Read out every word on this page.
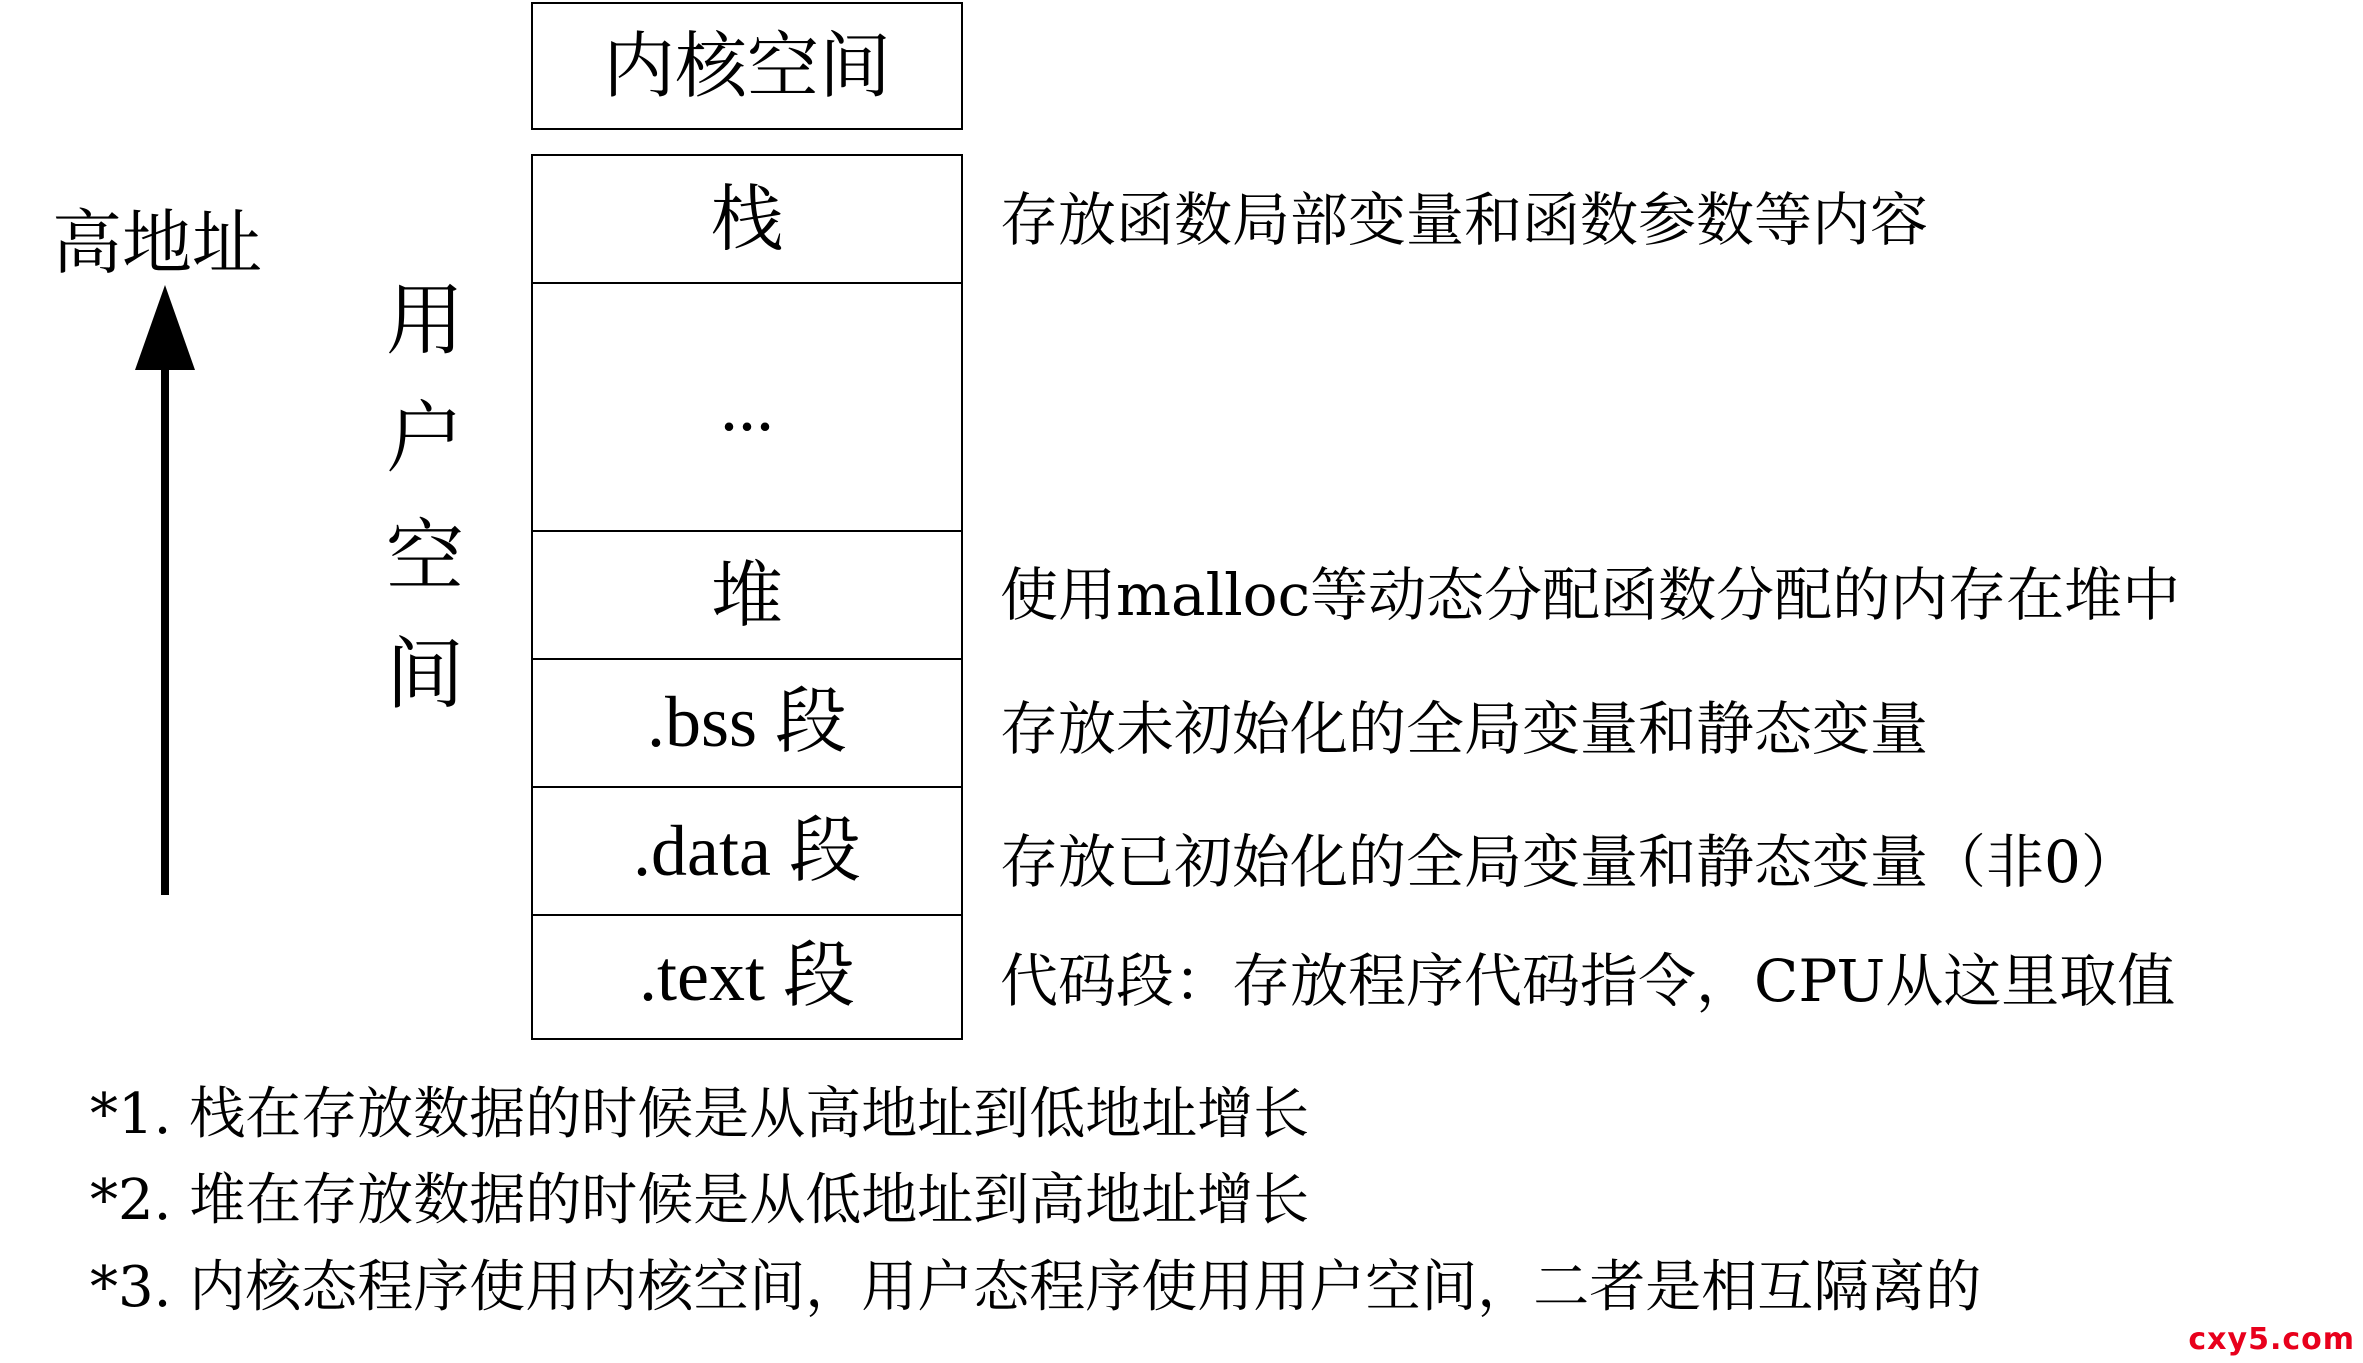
高地址
用
户
空
间
内核空间
栈
...
堆
.bss 段
.data 段
.text 段
存放函数局部变量和函数参数等内容
使用malloc等动态分配函数分配的内存在堆中
存放未初始化的全局变量和静态变量
存放已初始化的全局变量和静态变量（非0）
代码段：存放程序代码指令，CPU从这里取值
*1. 栈在存放数据的时候是从高地址到低地址增长
*2. 堆在存放数据的时候是从低地址到高地址增长
*3. 内核态程序使用内核空间，用户态程序使用用户空间，二者是相互隔离的
cxy5.com
